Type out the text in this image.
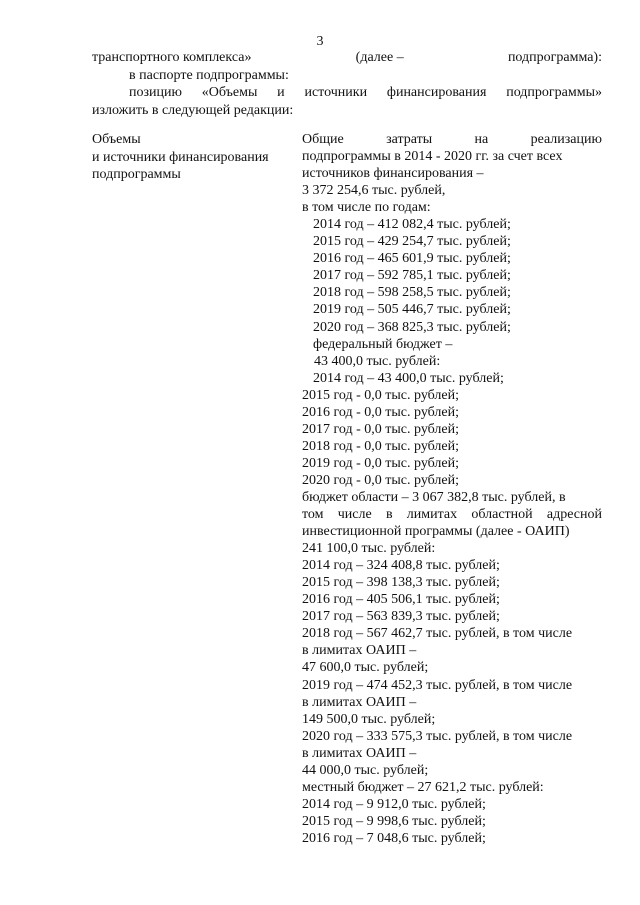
3
транспортного комплекса»	(далее –	подпрограмма):
в паспорте подпрограммы:
позицию «Объемы и источники финансирования подпрограммы»
изложить в следующей редакции:
Объемы
и источники финансирования
подпрограммы
Общие	затраты	на	реализацию
подпрограммы в 2014 - 2020 гг. за счет всех
источников финансирования –
3 372 254,6 тыс. рублей,
в том числе по годам:
2014 год – 412 082,4 тыс. рублей;
2015 год – 429 254,7 тыс. рублей;
2016 год – 465 601,9 тыс. рублей;
2017 год – 592 785,1 тыс. рублей;
2018 год – 598 258,5 тыс. рублей;
2019 год – 505 446,7 тыс. рублей;
2020 год – 368 825,3 тыс. рублей;
федеральный бюджет –
43 400,0 тыс. рублей:
2014 год – 43 400,0 тыс. рублей;
2015 год - 0,0 тыс. рублей;
2016 год - 0,0 тыс. рублей;
2017 год - 0,0 тыс. рублей;
2018 год - 0,0 тыс. рублей;
2019 год - 0,0 тыс. рублей;
2020 год - 0,0 тыс. рублей;
бюджет области – 3 067 382,8 тыс. рублей, в
том числе в лимитах областной адресной
инвестиционной программы (далее - ОАИП)
241 100,0 тыс. рублей:
2014 год – 324 408,8 тыс. рублей;
2015 год – 398 138,3 тыс. рублей;
2016 год – 405 506,1 тыс. рублей;
2017 год – 563 839,3 тыс. рублей;
2018 год – 567 462,7 тыс. рублей, в том числе
в лимитах ОАИП –
47 600,0 тыс. рублей;
2019 год – 474 452,3 тыс. рублей, в том числе
в лимитах ОАИП –
149 500,0 тыс. рублей;
2020 год – 333 575,3 тыс. рублей, в том числе
в лимитах ОАИП –
44 000,0 тыс. рублей;
местный бюджет – 27 621,2 тыс. рублей:
2014 год – 9 912,0 тыс. рублей;
2015 год – 9 998,6 тыс. рублей;
2016 год – 7 048,6 тыс. рублей;
